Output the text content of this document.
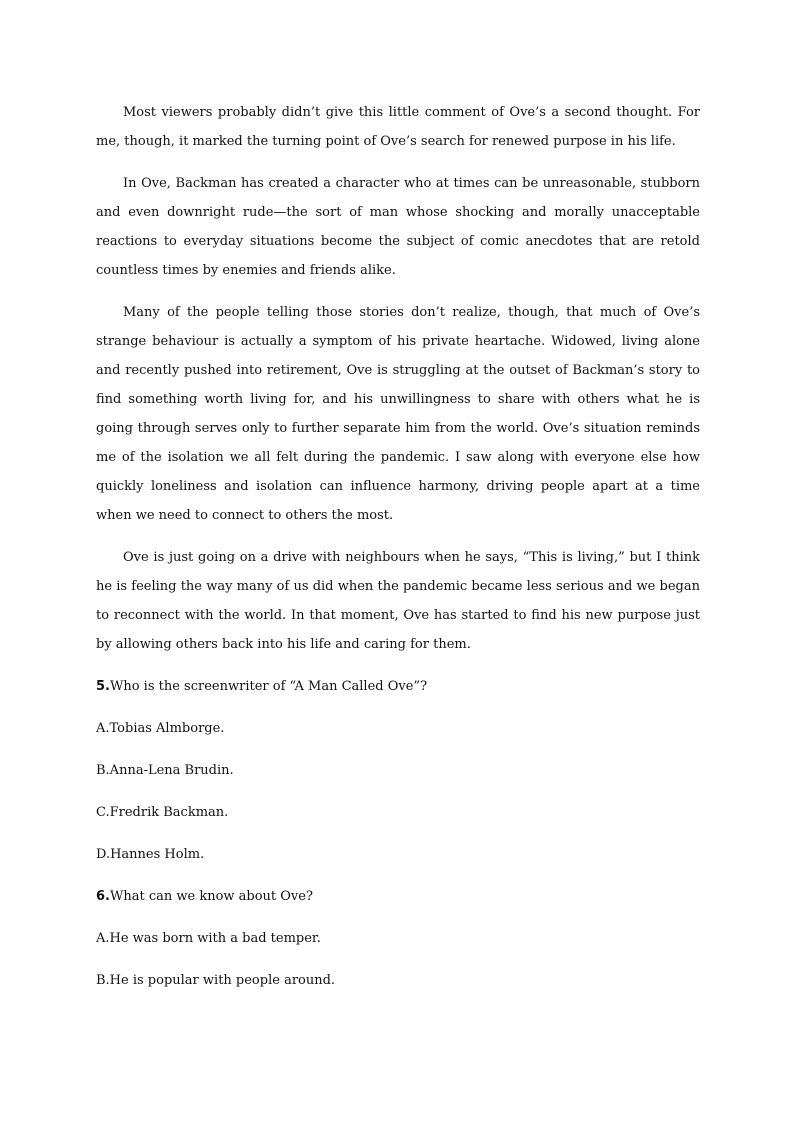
Most viewers probably didn’t give this little comment of Ove’s a second thought. For me, though, it marked the turning point of Ove’s search for renewed purpose in his life.

In Ove, Backman has created a character who at times can be unreasonable, stubborn and even downright rude—the sort of man whose shocking and morally unacceptable reactions to everyday situations become the subject of comic anecdotes that are retold countless times by enemies and friends alike.

Many of the people telling those stories don’t realize, though, that much of Ove’s strange behaviour is actually a symptom of his private heartache. Widowed, living alone and recently pushed into retirement, Ove is struggling at the outset of Backman’s story to find something worth living for, and his unwillingness to share with others what he is going through serves only to further separate him from the world. Ove’s situation reminds me of the isolation we all felt during the pandemic. I saw along with everyone else how quickly loneliness and isolation can influence harmony, driving people apart at a time when we need to connect to others the most.

Ove is just going on a drive with neighbours when he says, “This is living,” but I think he is feeling the way many of us did when the pandemic became less serious and we began to reconnect with the world. In that moment, Ove has started to find his new purpose just by allowing others back into his life and caring for them.

5.Who is the screenwriter of “A Man Called Ove”?

A.Tobias Almborge.

B.Anna-Lena Brudin.

C.Fredrik Backman.

D.Hannes Holm.

6.What can we know about Ove?

A.He was born with a bad temper.

B.He is popular with people around.
